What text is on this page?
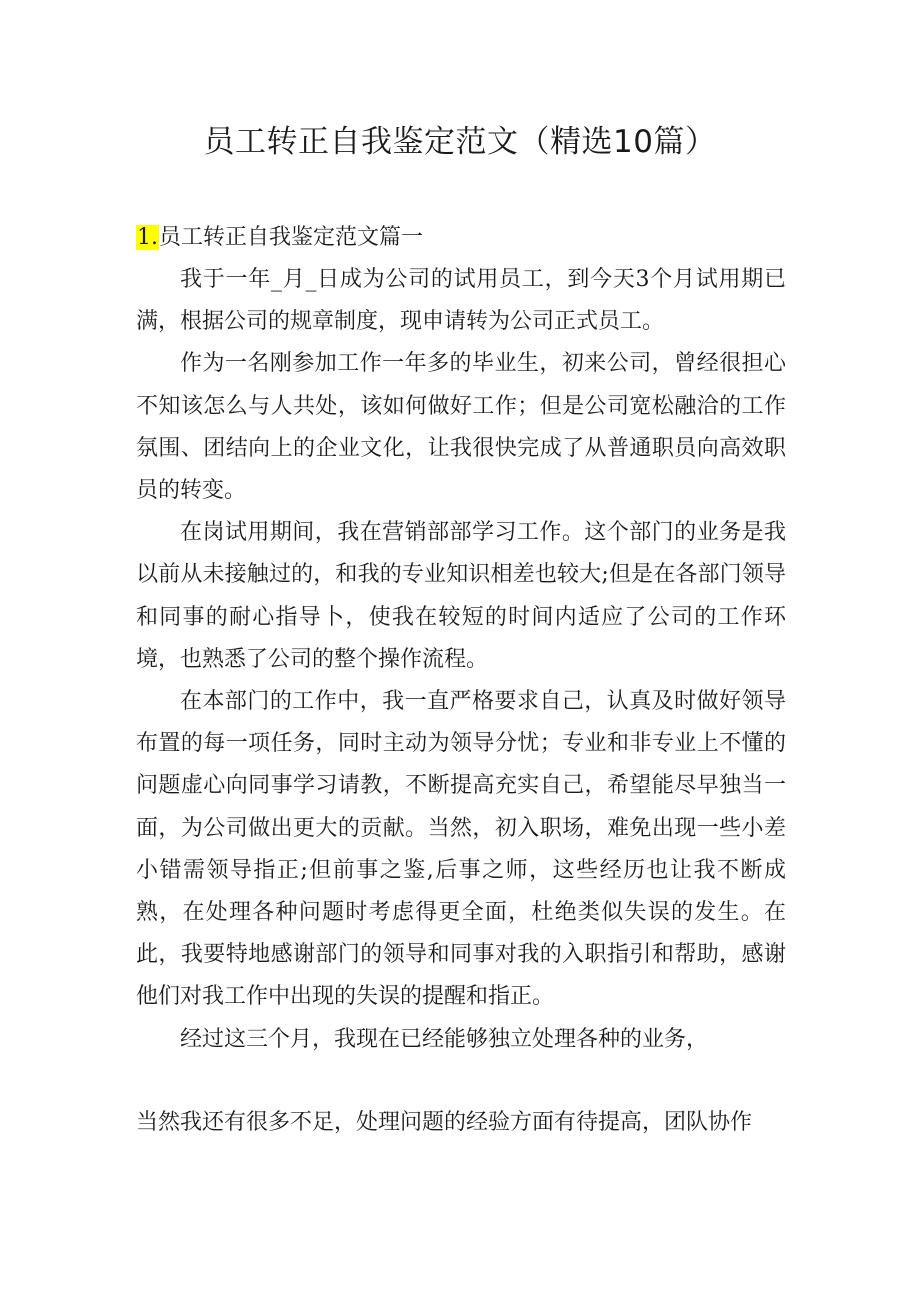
员工转正自我鉴定范文（精选10篇）
1.员工转正自我鉴定范文篇一

我于一年_月_日成为公司的试用员工，到今天3个月试用期已满，根据公司的规章制度，现申请转为公司正式员工。

作为一名刚参加工作一年多的毕业生，初来公司，曾经很担心不知该怎么与人共处，该如何做好工作；但是公司宽松融洽的工作氛围、团结向上的企业文化，让我很快完成了从普通职员向高效职员的转变。

在岗试用期间，我在营销部部学习工作。这个部门的业务是我以前从未接触过的，和我的专业知识相差也较大;但是在各部门领导和同事的耐心指导卜，使我在较短的时间内适应了公司的工作环境，也熟悉了公司的整个操作流程。

在本部门的工作中，我一直严格要求自己，认真及时做好领导布置的每一项任务，同时主动为领导分忧；专业和非专业上不懂的问题虚心向同事学习请教，不断提高充实自己，希望能尽早独当一面，为公司做出更大的贡献。当然，初入职场，难免出现一些小差小错需领导指正;但前事之鉴,后事之师，这些经历也让我不断成熟，在处理各种问题时考虑得更全面，杜绝类似失误的发生。在此，我要特地感谢部门的领导和同事对我的入职指引和帮助，感谢他们对我工作中出现的失误的提醒和指正。

经过这三个月，我现在已经能够独立处理各种的业务，

当然我还有很多不足，处理问题的经验方面有待提高，团队协作
